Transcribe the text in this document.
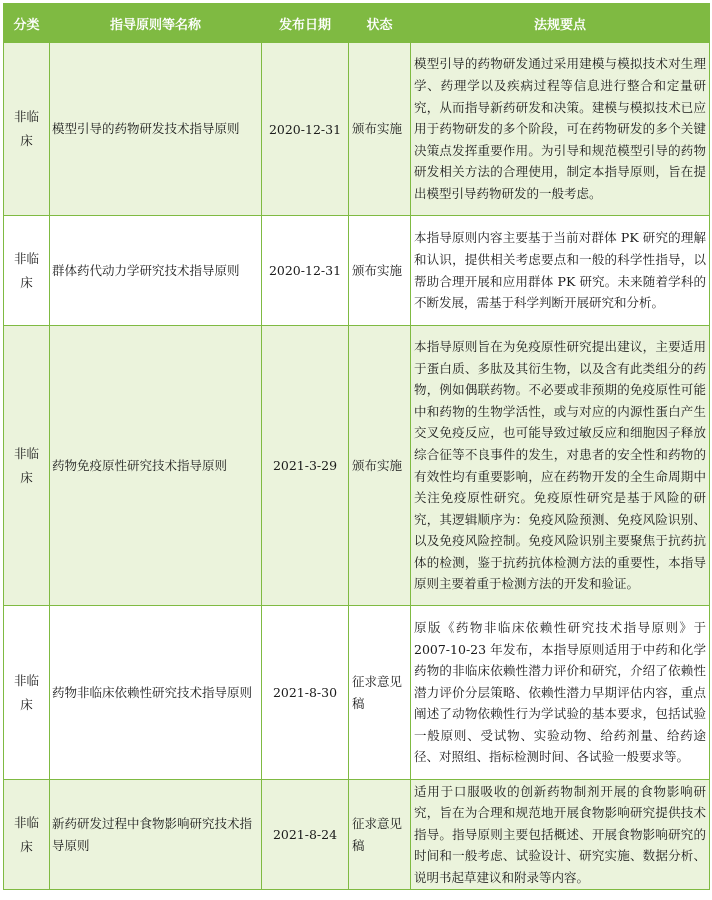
分类	指导原则等名称	发布日期	状态	法规要点
非临床	模型引导的药物研发技术指导原则	2020-12-31	颁布实施	模型引导的药物研发通过采用建模与模拟技术对生理学、药理学以及疾病过程等信息进行整合和定量研究，从而指导新药研发和决策。建模与模拟技术已应用于药物研发的多个阶段，可在药物研发的多个关键决策点发挥重要作用。为引导和规范模型引导的药物研发相关方法的合理使用，制定本指导原则，旨在提出模型引导药物研发的一般考虑。
非临床	群体药代动力学研究技术指导原则	2020-12-31	颁布实施	本指导原则内容主要基于当前对群体 PK 研究的理解和认识，提供相关考虑要点和一般的科学性指导，以帮助合理开展和应用群体 PK 研究。未来随着学科的不断发展，需基于科学判断开展研究和分析。
非临床	药物免疫原性研究技术指导原则	2021-3-29	颁布实施	本指导原则旨在为免疫原性研究提出建议，主要适用于蛋白质、多肽及其衍生物，以及含有此类组分的药物，例如偶联药物。不必要或非预期的免疫原性可能中和药物的生物学活性，或与对应的内源性蛋白产生交叉免疫反应，也可能导致过敏反应和细胞因子释放综合征等不良事件的发生，对患者的安全性和药物的有效性均有重要影响，应在药物开发的全生命周期中关注免疫原性研究。免疫原性研究是基于风险的研究，其逻辑顺序为：免疫风险预测、免疫风险识别、以及免疫风险控制。免疫风险识别主要聚焦于抗药抗体的检测，鉴于抗药抗体检测方法的重要性，本指导原则主要着重于检测方法的开发和验证。
非临床	药物非临床依赖性研究技术指导原则	2021-8-30	征求意见稿	原版《药物非临床依赖性研究技术指导原则》于2007-10-23 年发布，本指导原则适用于中药和化学药物的非临床依赖性潜力评价和研究，介绍了依赖性潜力评价分层策略、依赖性潜力早期评估内容，重点阐述了动物依赖性行为学试验的基本要求，包括试验一般原则、受试物、实验动物、给药剂量、给药途径、对照组、指标检测时间、各试验一般要求等。
非临床	新药研发过程中食物影响研究技术指导原则	2021-8-24	征求意见稿	适用于口服吸收的创新药物制剂开展的食物影响研究，旨在为合理和规范地开展食物影响研究提供技术指导。指导原则主要包括概述、开展食物影响研究的时间和一般考虑、试验设计、研究实施、数据分析、说明书起草建议和附录等内容。
